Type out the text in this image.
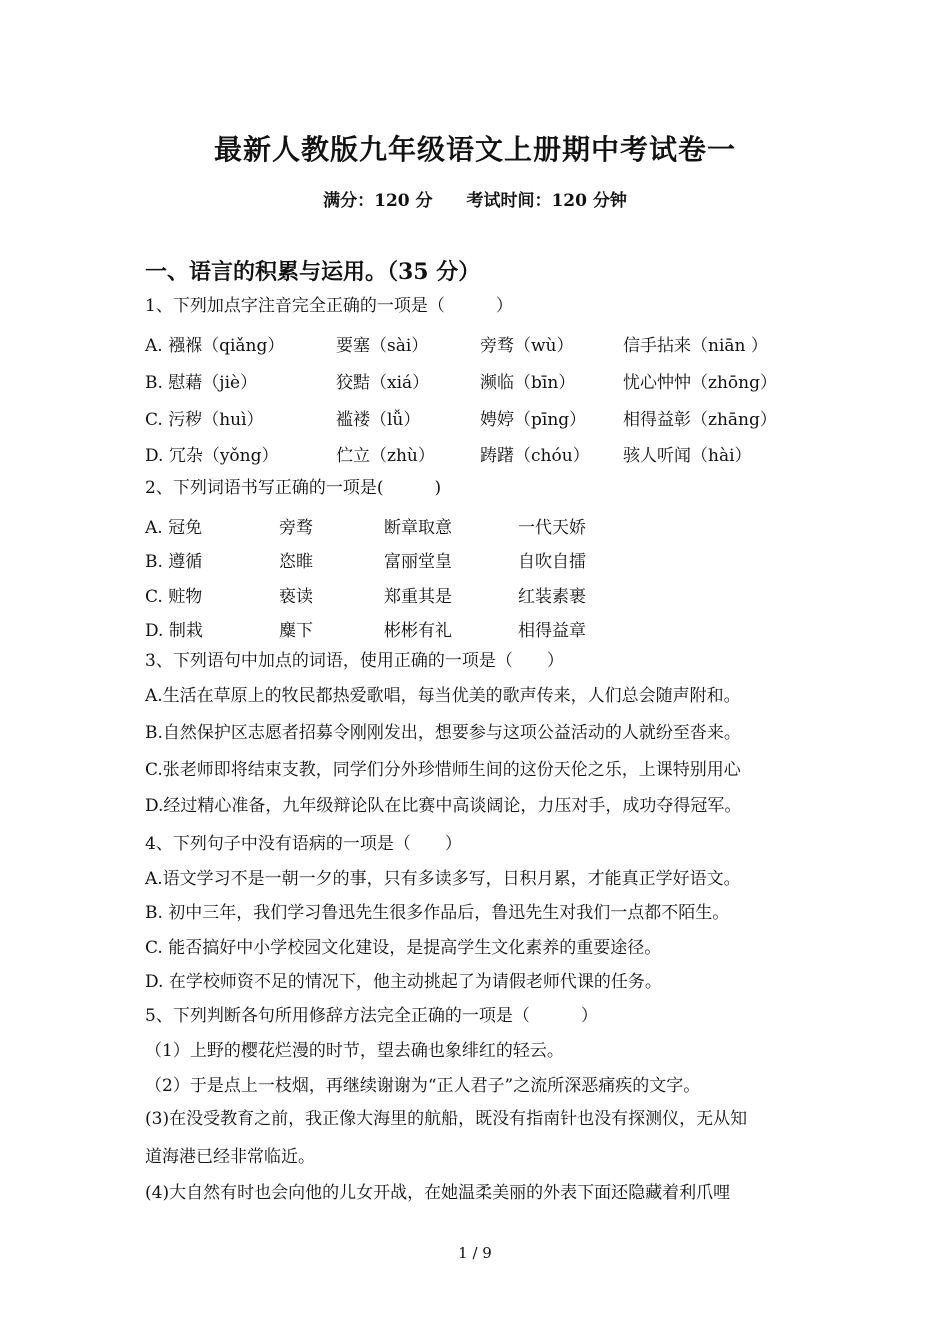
最新人教版九年级语文上册期中考试卷一
满分：120 分 考试时间：120 分钟
一、语言的积累与运用。（35 分）
1、下列加点字注音完全正确的一项是（　　　）
A. 襁褓（qiǎng）	要塞（sài）	旁骛（wù）	信手拈来（niān ）
B. 慰藉（jiè）	狡黠（xiá）	濒临（bīn）	忧心忡忡（zhōng）
C. 污秽（huì）	褴褛（lǚ）	娉婷（pīng） 相得益彰（zhāng）
D. 冗杂（yǒng）	伫立（zhù）	踌躇（chóu） 骇人听闻（hài）
2、下列词语书写正确的一项是(　　　)
A. 冠免	旁骛	断章取意	一代天娇
B. 遵循	恣睢	富丽堂皇	自吹自擂
C. 赃物	亵读	郑重其是	红装素裹
D. 制栽	麋下	彬彬有礼	相得益章
3、下列语句中加点的词语，使用正确的一项是（　　）
A.生活在草原上的牧民都热爱歌唱，每当优美的歌声传来，人们总会随声附和。
B.自然保护区志愿者招募令刚刚发出，想要参与这项公益活动的人就纷至沓来。
C.张老师即将结束支教，同学们分外珍惜师生间的这份天伦之乐，上课特别用心
D.经过精心准备，九年级辩论队在比赛中高谈阔论，力压对手，成功夺得冠军。
4、下列句子中没有语病的一项是（　　）
A.语文学习不是一朝一夕的事，只有多读多写，日积月累，才能真正学好语文。
B. 初中三年，我们学习鲁迅先生很多作品后，鲁迅先生对我们一点都不陌生。
C. 能否搞好中小学校园文化建设，是提高学生文化素养的重要途径。
D. 在学校师资不足的情况下，他主动挑起了为请假老师代课的任务。
5、下列判断各句所用修辞方法完全正确的一项是（　　　）
（1）上野的樱花烂漫的时节，望去确也象绯红的轻云。
（2）于是点上一枝烟，再继续谢谢为“正人君子”之流所深恶痛疾的文字。
(3)在没受教育之前，我正像大海里的航船，既没有指南针也没有探测仪，无从知
道海港已经非常临近。
(4)大自然有时也会向他的儿女开战，在她温柔美丽的外表下面还隐藏着利爪哩
1 / 9
